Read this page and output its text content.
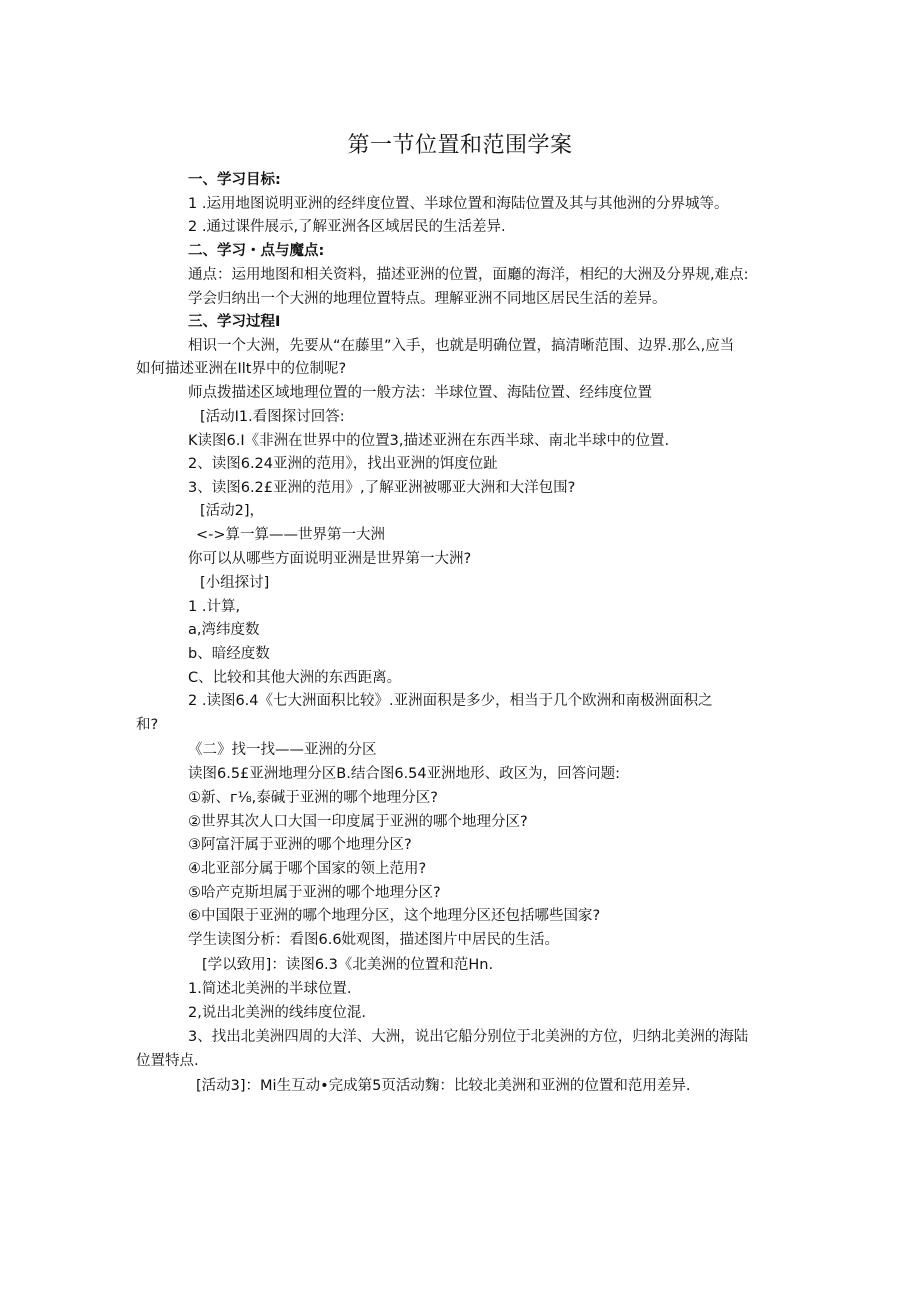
第一节位置和范围学案
一、学习目标:
1 .运用地图说明亚洲的经绊度位置、半球位置和海陆位置及其与其他洲的分界城等。
2 .通过课件展示,了解亚洲各区域居民的生活差异.
二、学习・点与魔点:
通点：运用地图和相关资料，描述亚洲的位置，面廳的海洋，相纪的大洲及分界规,难点:
学会归纳出一个大洲的地理位置特点。理解亚洲不同地区居民生活的差异。
三、学习过程I
相识一个大洲，先要从“在藤里”入手，也就是明确位置，搞清晰范围、边界.那么,应当
如何描述亚洲在Ilt界中的位制呢?
师点拨描述区域地理位置的一般方法：半球位置、海陆位置、经纬度位置
[活动I1.看图探讨回答:
K读图6.I《非洲在世界中的位置3,描述亚洲在东西半球、南北半球中的位置.
2、读图6.24亚洲的范用》，找出亚洲的饵度位趾
3、读图6.2£亚洲的范用》,了解亚洲被哪亚大洲和大洋包围?
[活动2]，
<->算一算——世界第一大洲
你可以从哪些方面说明亚洲是世界第一大洲?
[小组探讨]
1 .计算,
a,湾纬度数
b、暗经度数
C、比较和其他大洲的东西距离。
2 .读图6.4《七大洲面积比较》.亚洲面积是多少，相当于几个欧洲和南极洲面积之
和?
《二》找一找——亚洲的分区
读图6.5£亚洲地理分区B.结合图6.54亚洲地形、政区为，回答问题:
①新、г⅛,泰碱于亚洲的哪个地理分区?
②世界其次人口大国一印度属于亚洲的哪个地理分区?
③阿富汗属于亚洲的哪个地理分区?
④北亚部分属于哪个国家的领上范用?
⑤哈产克斯坦属于亚洲的哪个地理分区?
⑥中国限于亚洲的哪个地理分区，这个地理分区还包括哪些国家?
学生读图分析：看图6.6妣观图，描述图片中居民的生活。
[学以致用]：读图6.3《北美洲的位置和范Hn.
1.简述北美洲的半球位置.
2,说出北美洲的线纬度位混.
3、找出北美洲四周的大洋、大洲，说出它船分别位于北美洲的方位，归纳北美洲的海陆
位置特点.
[活动3]：Mi生互动•完成第5页活动麴：比较北美洲和亚洲的位置和范用差异.
